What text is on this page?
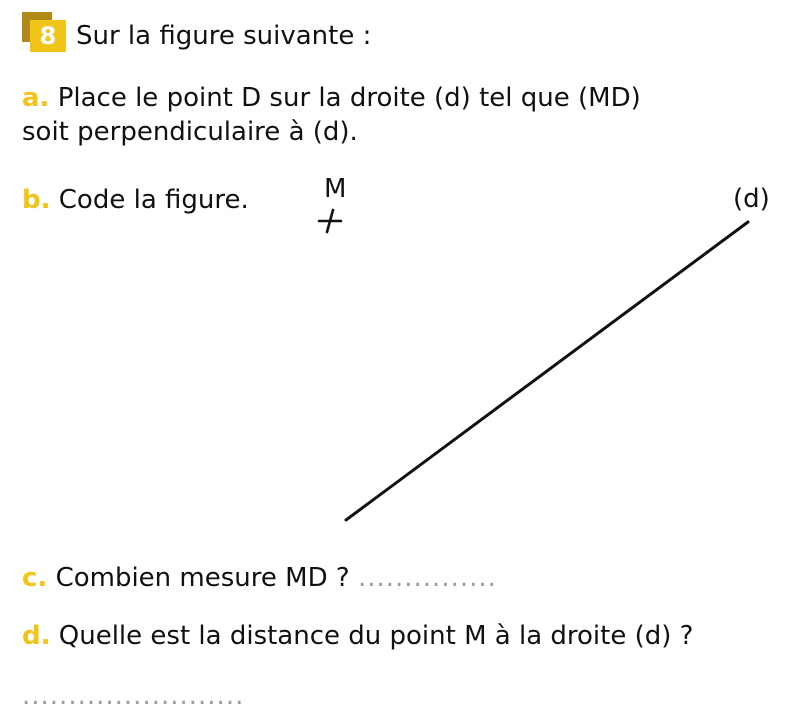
8 Sur la figure suivante :
a. Place le point D sur la droite (d) tel que (MD)
soit perpendiculaire à (d).
b. Code la figure.	M	(d)
c. Combien mesure MD ? ...............
d. Quelle est la distance du point M à la droite (d) ?
........................
